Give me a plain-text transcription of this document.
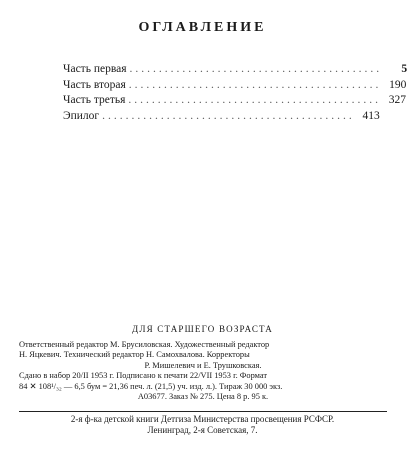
ОГЛАВЛЕНИЕ
Часть первая ...........................................	5
Часть вторая ........................................... 190
Часть третья ........................................... 327
Эпилог ........................................... 413
ДЛЯ СТАРШЕГО ВОЗРАСТА
Ответственный редактор М. Брусиловская. Художественный редактор
Н. Яцкевич. Технический редактор Н. Самохвалова. Корректоры
Р. Мишелевич и Е. Трушковская.
Сдано в набор 20/II 1953 г. Подписано к печати 22/VII 1953 г. Формат
84 ✕ 108¹/₃₂ — 6,5 бум = 21,36 печ. л. (21,5) уч. изд. л.). Тираж 30 000 экз.
А03677. Заказ № 275. Цена 8 р. 95 к.
2-я ф-ка детской книги Детгиза Министерства просвещения РСФСР.
Ленинград, 2-я Советская, 7.
